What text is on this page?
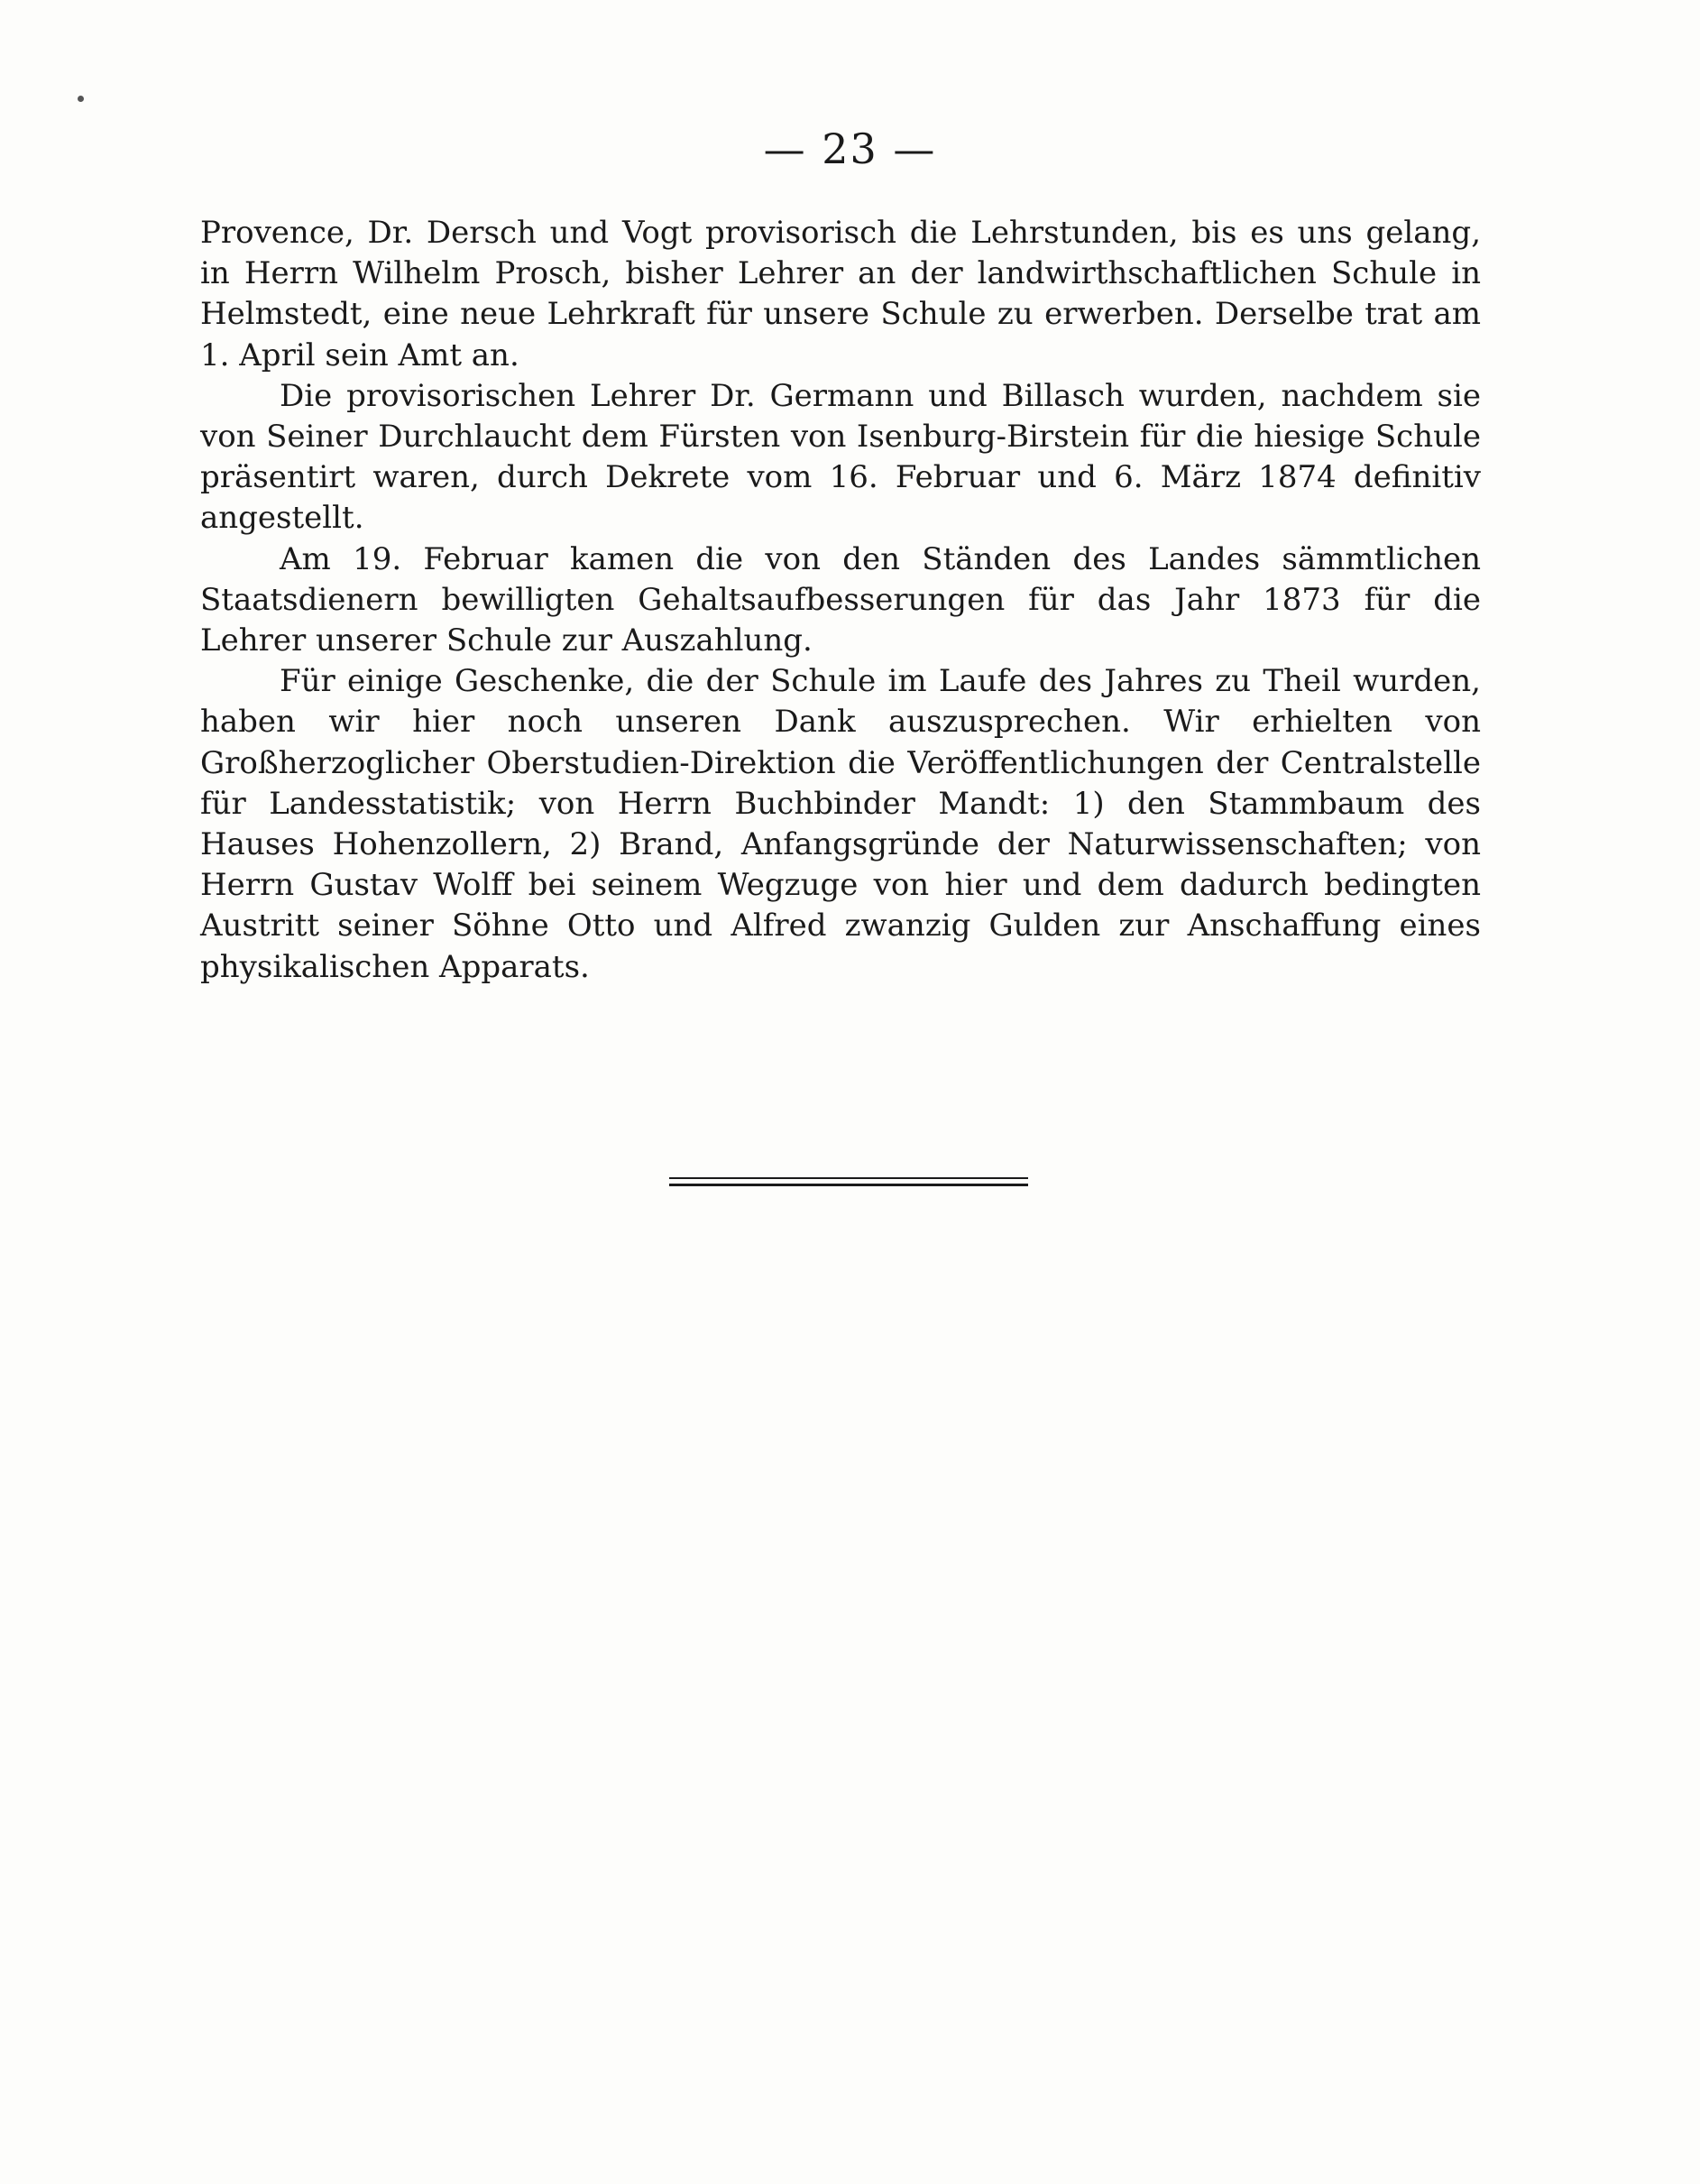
— 23 —

Provence, Dr. Dersch und Vogt provisorisch die Lehrstunden, bis es uns gelang, in Herrn Wilhelm Prosch, bisher Lehrer an der landwirthschaftlichen Schule in Helmstedt, eine neue Lehrkraft für unsere Schule zu erwerben. Derselbe trat am 1. April sein Amt an.

Die provisorischen Lehrer Dr. Germann und Billasch wurden, nachdem sie von Seiner Durchlaucht dem Fürsten von Isenburg-Birstein für die hiesige Schule präsentirt waren, durch Dekrete vom 16. Februar und 6. März 1874 definitiv angestellt.

Am 19. Februar kamen die von den Ständen des Landes sämmtlichen Staatsdienern bewilligten Gehaltsaufbesserungen für das Jahr 1873 für die Lehrer unserer Schule zur Auszahlung.

Für einige Geschenke, die der Schule im Laufe des Jahres zu Theil wurden, haben wir hier noch unseren Dank auszusprechen. Wir erhielten von Großherzoglicher Oberstudien-Direktion die Veröffentlichungen der Centralstelle für Landesstatistik; von Herrn Buchbinder Mandt: 1) den Stammbaum des Hauses Hohenzollern, 2) Brand, Anfangsgründe der Naturwissenschaften; von Herrn Gustav Wolff bei seinem Wegzuge von hier und dem dadurch bedingten Austritt seiner Söhne Otto und Alfred zwanzig Gulden zur Anschaffung eines physikalischen Apparats.
